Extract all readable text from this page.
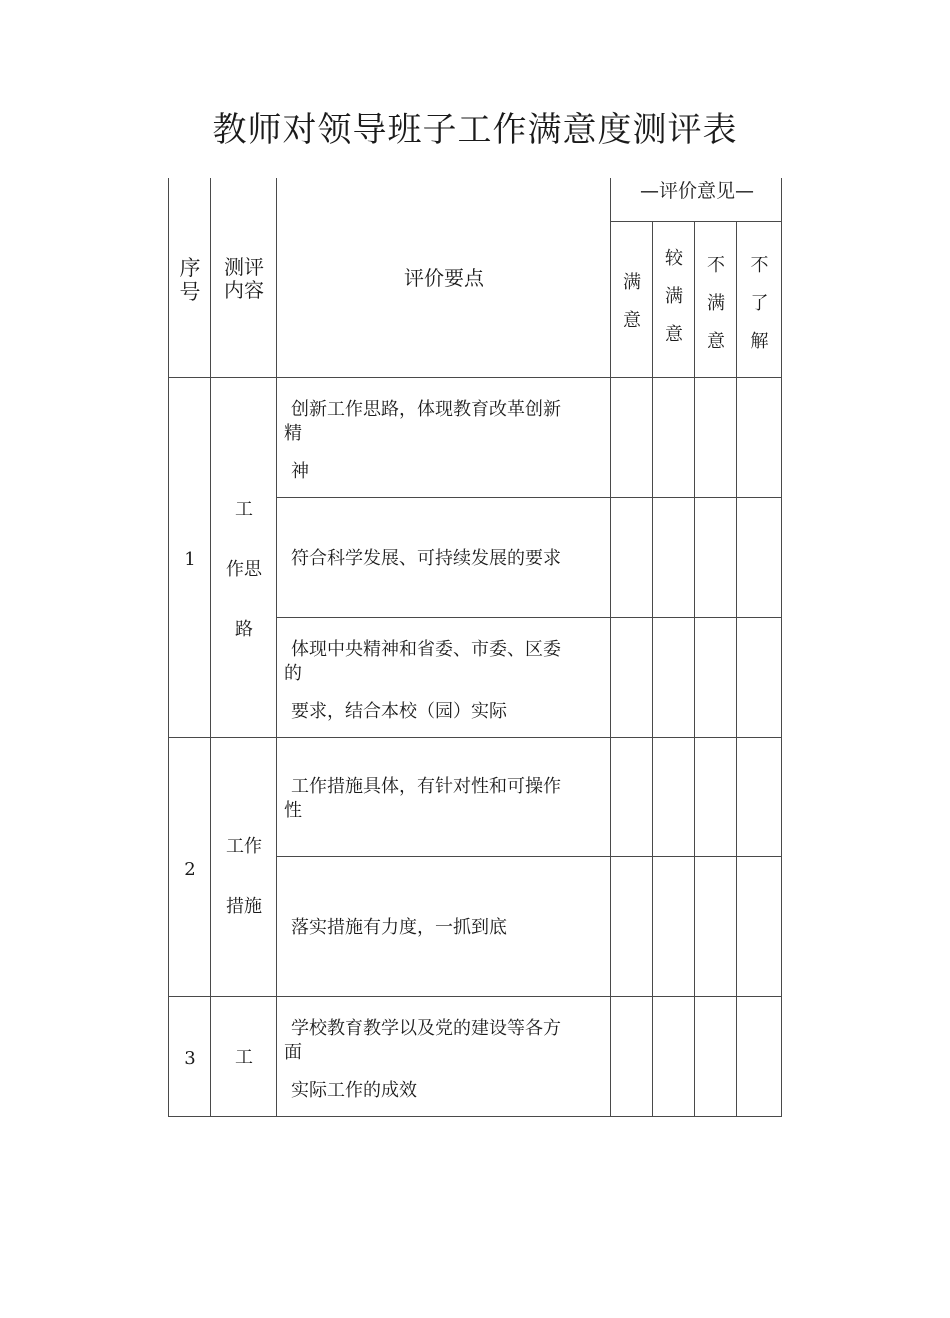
教师对领导班子工作满意度测评表
序
号
测评
内容	评价要点
—评价意见—
满
意
较
满
意
不
满
意
不
了
解
1
工
作思
路
创新工作思路，体现教育改革创新
精
神
符合科学发展、可持续发展的要求
体现中央精神和省委、市委、区委
的
要求，结合本校（园）实际
2
工作
措施
工作措施具体，有针对性和可操作
性
落实措施有力度，一抓到底
3	工
学校教育教学以及党的建设等各方
面
实际工作的成效
